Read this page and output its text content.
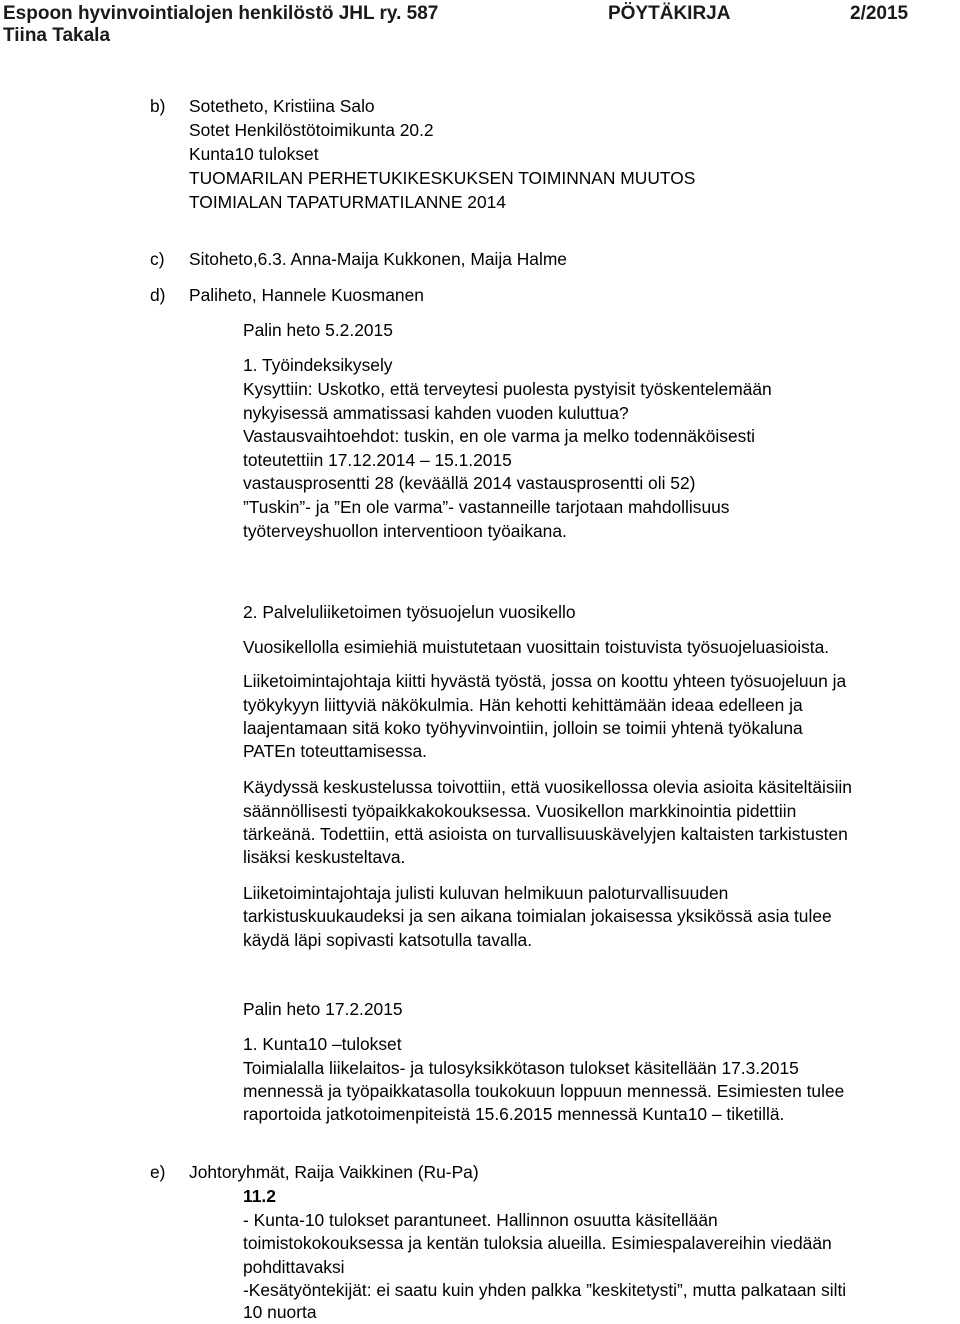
Espoon hyvinvointialojen henkilöstö JHL ry. 587	PÖYTÄKIRJA	2/2015
Tiina Takala
b) Sotetheto, Kristiina Salo
Sotet Henkilöstötoimikunta 20.2
Kunta10 tulokset
TUOMARILAN PERHETUKIKESKUKSEN TOIMINNAN MUUTOS
TOIMIALAN TAPATURMATILANNE 2014
c) Sitoheto,6.3. Anna-Maija Kukkonen, Maija Halme
d) Paliheto, Hannele Kuosmanen
Palin heto 5.2.2015
1. Työindeksikysely
Kysyttiin: Uskotko, että terveytesi puolesta pystyisit työskentelemään
nykyisessä ammatissasi kahden vuoden kuluttua?
Vastausvaihtoehdot: tuskin, en ole varma ja melko todennäköisesti
toteutettiin 17.12.2014 – 15.1.2015
vastausprosentti 28 (keväällä 2014 vastausprosentti oli 52)
”Tuskin”- ja ”En ole varma”- vastanneille tarjotaan mahdollisuus
työterveyshuollon interventioon työaikana.
2. Palveluliiketoimen työsuojelun vuosikello
Vuosikellolla esimiehiä muistutetaan vuosittain toistuvista työsuojeluasioista.
Liiketoimintajohtaja kiitti hyvästä työstä, jossa on koottu yhteen työsuojeluun ja
työkykyyn liittyviä näkökulmia. Hän kehotti kehittämään ideaa edelleen ja
laajentamaan sitä koko työhyvinvointiin, jolloin se toimii yhtenä työkaluna
PATEn toteuttamisessa.
Käydyssä keskustelussa toivottiin, että vuosikellossa olevia asioita käsiteltäisiin
säännöllisesti työpaikkakokouksessa. Vuosikellon markkinointia pidettiin
tärkeänä. Todettiin, että asioista on turvallisuuskävelyjen kaltaisten tarkistusten
lisäksi keskusteltava.
Liiketoimintajohtaja julisti kuluvan helmikuun paloturvallisuuden
tarkistuskuukaudeksi ja sen aikana toimialan jokaisessa yksikössä asia tulee
käydä läpi sopivasti katsotulla tavalla.
Palin heto 17.2.2015
1. Kunta10 –tulokset
Toimialalla liikelaitos- ja tulosyksikkötason tulokset käsitellään 17.3.2015
mennessä ja työpaikkatasolla toukokuun loppuun mennessä. Esimiesten tulee
raportoida jatkotoimenpiteistä 15.6.2015 mennessä Kunta10 – tiketillä.
e) Johtoryhmät, Raija Vaikkinen (Ru-Pa)
11.2
- Kunta-10 tulokset parantuneet. Hallinnon osuutta käsitellään
toimistokokouksessa ja kentän tuloksia alueilla. Esimiespalavereihin viedään
pohdittavaksi
-Kesätyöntekijät: ei saatu kuin yhden palkka ”keskitetysti”, mutta palkataan silti
10 nuorta
